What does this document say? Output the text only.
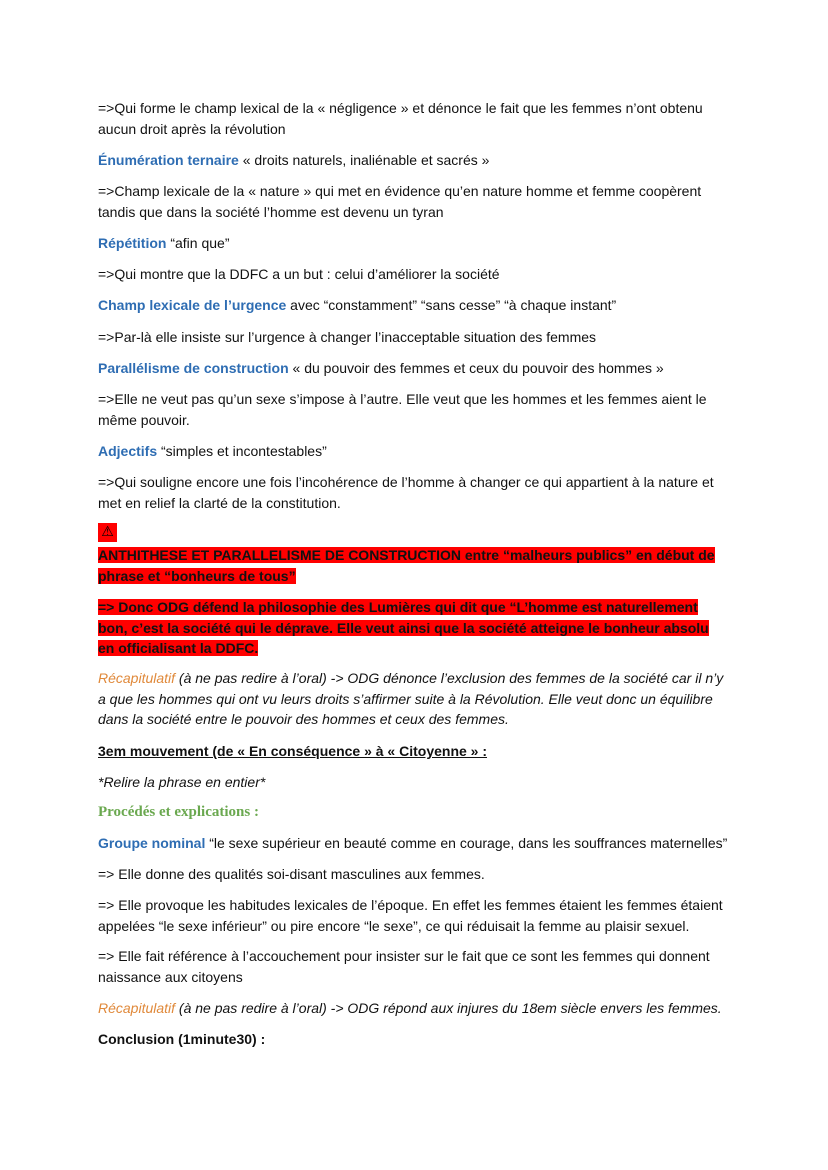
=>Qui forme le champ lexical de la « négligence » et dénonce le fait que les femmes n’ont obtenu aucun droit après la révolution

Énumération ternaire « droits naturels, inaliénable et sacrés »

=>Champ lexicale de la « nature » qui met en évidence qu’en nature homme et femme coopèrent tandis que dans la société l’homme est devenu un tyran

Répétition “afin que”

=>Qui montre que la DDFC a un but : celui d’améliorer la société

Champ lexicale de l’urgence avec “constamment” “sans cesse” “à chaque instant”

=>Par-là elle insiste sur l’urgence à changer l’inacceptable situation des femmes

Parallélisme de construction « du pouvoir des femmes et ceux du pouvoir des hommes »

=>Elle ne veut pas qu’un sexe s’impose à l’autre. Elle veut que les hommes et les femmes aient le même pouvoir.

Adjectifs “simples et incontestables”

=>Qui souligne encore une fois l’incohérence de l’homme à changer ce qui appartient à la nature et met en relief la clarté de la constitution.

⚠

ANTHITHESE ET PARALLELISME DE CONSTRUCTION entre “malheurs publics” en début de phrase et “bonheurs de tous”

=> Donc ODG défend la philosophie des Lumières qui dit que “L’homme est naturellement bon, c’est la société qui le déprave. Elle veut ainsi que la société atteigne le bonheur absolu en officialisant la DDFC.

Récapitulatif (à ne pas redire à l’oral) -> ODG dénonce l’exclusion des femmes de la société car il n’y a que les hommes qui ont vu leurs droits s’affirmer suite à la Révolution. Elle veut donc un équilibre dans la société entre le pouvoir des hommes et ceux des femmes.

3em mouvement (de « En conséquence » à « Citoyenne » :

*Relire la phrase en entier*

Procédés et explications :

Groupe nominal “le sexe supérieur en beauté comme en courage, dans les souffrances maternelles”

=> Elle donne des qualités soi-disant masculines aux femmes.

=> Elle provoque les habitudes lexicales de l’époque. En effet les femmes étaient les femmes étaient appelées “le sexe inférieur” ou pire encore “le sexe”, ce qui réduisait la femme au plaisir sexuel.

=> Elle fait référence à l’accouchement pour insister sur le fait que ce sont les femmes qui donnent naissance aux citoyens

Récapitulatif (à ne pas redire à l’oral) -> ODG répond aux injures du 18em siècle envers les femmes.

Conclusion (1minute30) :
